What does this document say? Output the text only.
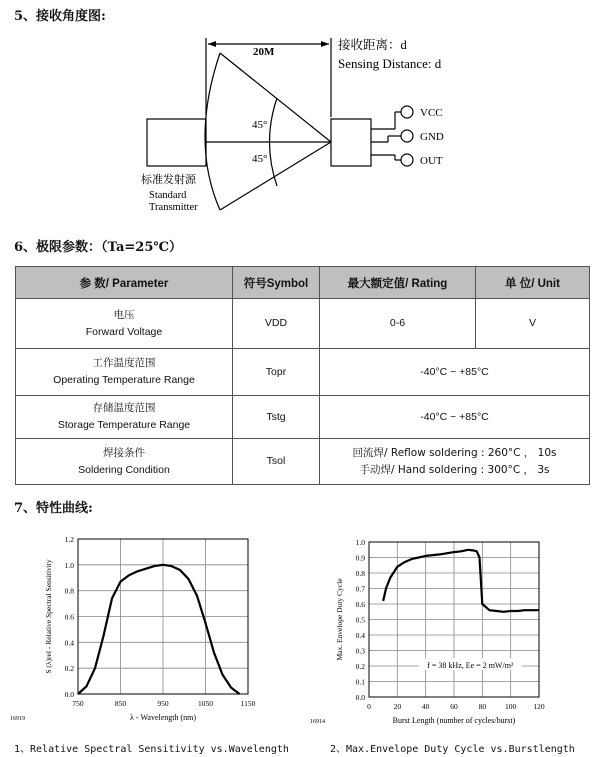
5、接收角度图:
20M
45°
45°
接收距离：d
Sensing Distance: d
VCC
GND
OUT
标准发射源
Standard
Transmitter
6、极限参数：（Ta=25℃）
参 数/ Parameter	符号Symbol	最大额定值/ Rating	单 位/ Unit

电压
Forward Voltage	VDD	0-6	V

工作温度范围
Operating Temperature Range	Topr	-40°C ~ +85°C	

存储温度范围
Storage Temperature Range	Tstg	-40°C ~ +85°C	

焊接条件
Soldering Condition	Tsol	回流焊/ Reflow soldering : 260°C ， 10s
手动焊/ Hand soldering : 300°C ， 3s	
7、特性曲线:
750	850	950	1050	1150
0.0
0.2
0.4
0.6
0.8
1.0
1.2
λ - Wavelength (nm)
S (λ)rel - Relative Spectral Sensitivity
16919
0	20	40	60	80	100 120
0.0
0.1
0.2
0.3
0.4
0.5
0.6
0.7
0.8
0.9
1.0
Burst Length (number of cycles/burst)
Max. Envelope Duty Cycle
16914
f = 38 kHz, Ee = 2 mW/m²
1、Relative Spectral Sensitivity vs.Wavelength	2、Max.Envelope Duty Cycle vs.Burstlength
